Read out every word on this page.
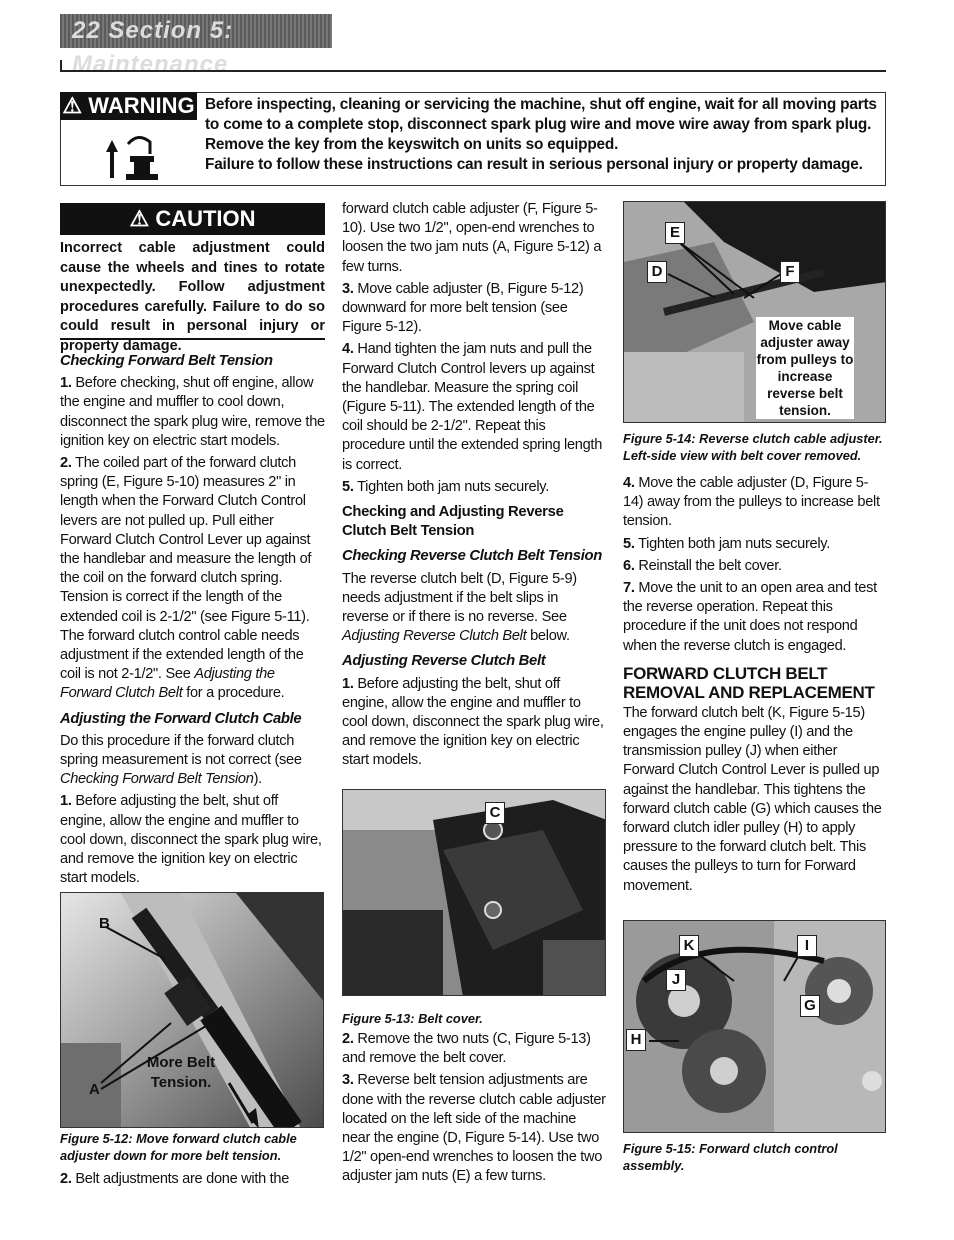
22 Section 5: Maintenance
⚠ WARNING Before inspecting, cleaning or servicing the machine, shut off engine, wait for all moving parts to come to a complete stop, disconnect spark plug wire and move wire away from spark plug. Remove the key from the keyswitch on units so equipped.

Failure to follow these instructions can result in serious personal injury or property damage.

⚠ CAUTION
Incorrect cable adjustment could cause the wheels and tines to rotate unexpectedly. Follow adjustment procedures carefully. Failure to do so could result in personal injury or property damage.
Checking Forward Belt Tension

1. Before checking, shut off engine, allow the engine and muffler to cool down, disconnect the spark plug wire, remove the ignition key on electric start models.

2. The coiled part of the forward clutch spring (E, Figure 5-10) measures 2" in length when the Forward Clutch Control levers are not pulled up. Pull either Forward Clutch Control Lever up against the handlebar and measure the length of the coil on the forward clutch spring. Tension is correct if the length of the extended coil is 2-1/2" (see Figure 5-11). The forward clutch control cable needs adjustment if the extended length of the coil is not 2-1/2". See Adjusting the Forward Clutch Belt for a procedure.

Adjusting the Forward Clutch Cable

Do this procedure if the forward clutch spring measurement is not correct (see Checking Forward Belt Tension).

1. Before adjusting the belt, shut off engine, allow the engine and muffler to cool down, disconnect the spark plug wire, and remove the ignition key on electric start models.

B
A
More Belt Tension.
Figure 5-12: Move forward clutch cable adjuster down for more belt tension.

2. Belt adjustments are done with the

forward clutch cable adjuster (F, Figure 5-10). Use two 1/2", open-end wrenches to loosen the two jam nuts (A, Figure 5-12) a few turns.

3. Move cable adjuster (B, Figure 5-12) downward for more belt tension (see Figure 5-12).

4. Hand tighten the jam nuts and pull the Forward Clutch Control levers up against the handlebar. Measure the spring coil (Figure 5-11). The extended length of the coil should be 2-1/2". Repeat this procedure until the extended spring length is correct.

5. Tighten both jam nuts securely.

Checking and Adjusting Reverse Clutch Belt Tension
Checking Reverse Clutch Belt Tension

The reverse clutch belt (D, Figure 5-9) needs adjustment if the belt slips in reverse or if there is no reverse. See Adjusting Reverse Clutch Belt below.

Adjusting Reverse Clutch Belt

1. Before adjusting the belt, shut off engine, allow the engine and muffler to cool down, disconnect the spark plug wire, and remove the ignition key on electric start models.

C
Figure 5-13: Belt cover.

2. Remove the two nuts (C, Figure 5-13) and remove the belt cover.

3. Reverse belt tension adjustments are done with the reverse clutch cable adjuster located on the left side of the machine near the engine (D, Figure 5-14). Use two 1/2" open-end wrenches to loosen the two adjuster jam nuts (E) a few turns.

E
D	F
Move cable adjuster away from pulleys to increase reverse belt tension.
Figure 5-14: Reverse clutch cable adjuster. Left-side view with belt cover removed.

4. Move the cable adjuster (D, Figure 5-14) away from the pulleys to increase belt tension.

5. Tighten both jam nuts securely.

6. Reinstall the belt cover.

7. Move the unit to an open area and test the reverse operation. Repeat this procedure if the unit does not respond when the reverse clutch is engaged.

FORWARD CLUTCH BELT REMOVAL AND REPLACEMENT

The forward clutch belt (K, Figure 5-15) engages the engine pulley (I) and the transmission pulley (J) when either Forward Clutch Control Lever is pulled up against the handlebar. This tightens the forward clutch cable (G) which causes the forward clutch idler pulley (H) to apply pressure to the forward clutch belt. This causes the pulleys to turn for Forward movement.

K	I
J
G
H
Figure 5-15: Forward clutch control assembly.
